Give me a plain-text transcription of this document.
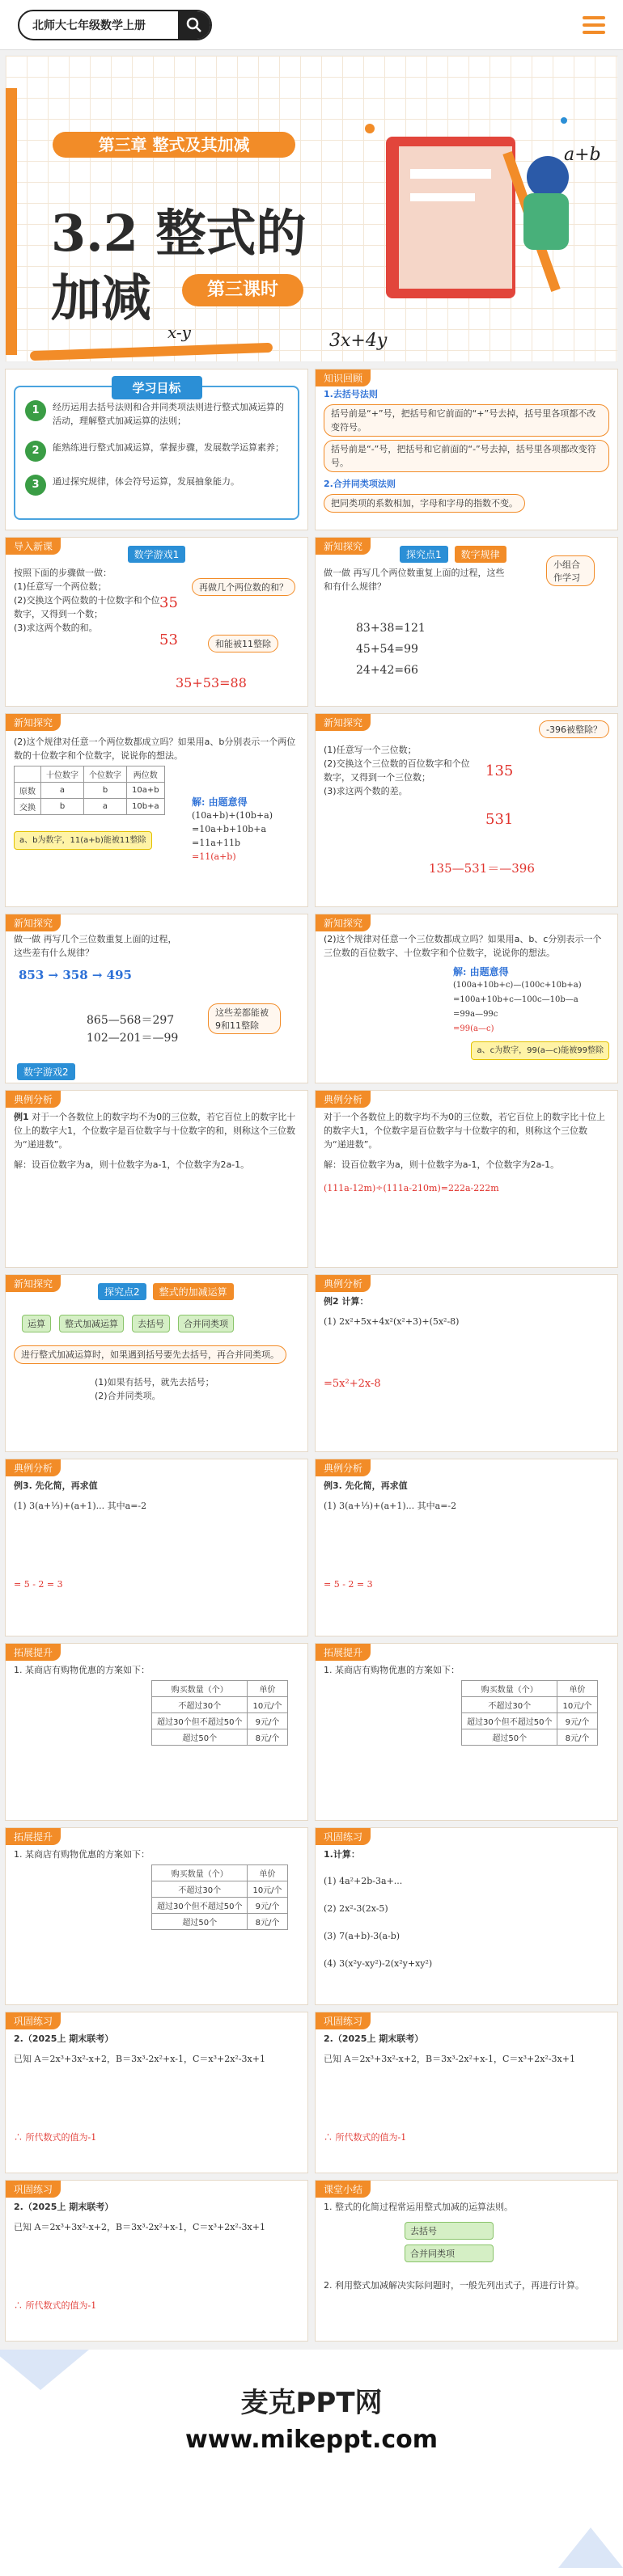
北师大七年级数学上册
第三章 整式及其加减
3.2 整式的
加减	第三课时
a+b
x-y	3x+4y
学习目标
1	经历运用去括号法则和合并同类项法则进行整式加减运算的活动，理解整式加减运算的法则；
2	能熟练进行整式加减运算，掌握步骤，发展数学运算素养；
3	通过探究规律，体会符号运算，发展抽象能力。
知识回顾
1.去括号法则
括号前是“+”号，把括号和它前面的“+”号去掉，括号里各项都不改变符号。
括号前是“-”号，把括号和它前面的“-”号去掉，括号里各项都改变符号。
2.合并同类项法则
把同类项的系数相加，字母和字母的指数不变。
导入新课
数学游戏1
按照下面的步骤做一做：
(1)任意写一个两位数；
(2)交换这个两位数的十位数字和个位数字，又得到一个数；
(3)求这两个数的和。
35
53
35+53=88
再做几个两位数的和？
和能被11整除
新知探究
探究点1 数字规律
做一做 再写几个两位数重复上面的过程，这些和有什么规律？
83+38=121
45+54=99
24+42=66
小组合作学习
新知探究
(2)这个规律对任意一个两位数都成立吗？如果用a、b分别表示一个两位数的十位数字和个位数字，说说你的想法。
	十位数字	个位数字	两位数
原数	a	b	10a+b
交换	b	a	10b+a	解: 由题意得
(10a+b)+(10b+a)
=10a+b+10b+a
=11a+11b
=11(a+b)
a、b为数字，11(a+b)能被11整除
新知探究
-396被整除？
(1)任意写一个三位数；
(2)交换这个三位数的百位数字和个位数字，又得到一个三位数；
(3)求这两个数的差。
135
531
135—531＝—396
新知探究
做一做 再写几个三位数重复上面的过程，这些差有什么规律？
853 → 358 → 495
865—568＝297
102—201＝—99
这些差都能被9和11整除
数字游戏2
新知探究
(2)这个规律对任意一个三位数都成立吗？如果用a、b、c分别表示一个三位数的百位数字、十位数字和个位数字，说说你的想法。
解: 由题意得
(100a+10b+c)—(100c+10b+a)
=100a+10b+c—100c—10b—a
=99a—99c
=99(a—c)
a、c为数字，99(a—c)能被99整除
典例分析
例1 对于一个各数位上的数字均不为0的三位数，若它百位上的数字比十位上的数字大1，个位数字是百位数字与十位数字的和，则称这个三位数为“递进数”。
解：设百位数字为a，则十位数字为a-1，个位数字为2a-1。
典例分析
对于一个各数位上的数字均不为0的三位数，若它百位上的数字比十位上的数字大1，个位数字是百位数字与十位数字的和，则称这个三位数为“递进数”。
解：设百位数字为a，则十位数字为a-1，个位数字为2a-1。
(111a-12m)÷(111a-210m)=222a-222m
新知探究
探究点2 整式的加减运算
运算	整式加减运算	去括号	合并同类项
进行整式加减运算时，如果遇到括号要先去括号，再合并同类项。
(1)如果有括号，就先去括号；
(2)合并同类项。
典例分析
例2 计算：
(1) 2x²+5x+4x²(x²+3)+(5x²-8)
=5x²+2x-8
典例分析
例3. 先化简，再求值
(1) 3(a+⅓)+(a+1)... 其中a=-2
= 5 - 2 = 3
典例分析
例3. 先化简，再求值
(1) 3(a+⅓)+(a+1)... 其中a=-2
= 5 - 2 = 3
拓展提升
1. 某商店有购物优惠的方案如下：
购买数量（个）	单价
不超过30个	10元/个
超过30个但不超过50个	9元/个
超过50个	8元/个
拓展提升
1. 某商店有购物优惠的方案如下：
购买数量（个）	单价
不超过30个	10元/个
超过30个但不超过50个	9元/个
超过50个	8元/个
拓展提升
1. 某商店有购物优惠的方案如下：
购买数量（个）	单价
不超过30个	10元/个
超过30个但不超过50个	9元/个
超过50个	8元/个
巩固练习
1.计算：
(1) 4a²+2b-3a+...
(2) 2x²-3(2x-5)
(3) 7(a+b)-3(a-b)
(4) 3(x²y-xy²)-2(x²y+xy²)
巩固练习
2.（2025上 期末联考）
已知 A＝2x³+3x²-x+2，B＝3x³-2x²+x-1，C＝x³+2x²-3x+1
∴ 所代数式的值为-1
巩固练习
2.（2025上 期末联考）
已知 A＝2x³+3x²-x+2，B＝3x³-2x²+x-1，C＝x³+2x²-3x+1
∴ 所代数式的值为-1
巩固练习
2.（2025上 期末联考）
已知 A＝2x³+3x²-x+2，B＝3x³-2x²+x-1，C＝x³+2x²-3x+1
∴ 所代数式的值为-1
课堂小结
1. 整式的化简过程常运用整式加减的运算法则。
去括号
合并同类项
2. 利用整式加减解决实际问题时，一般先列出式子，再进行计算。
麦克PPT网
www.mikeppt.com
